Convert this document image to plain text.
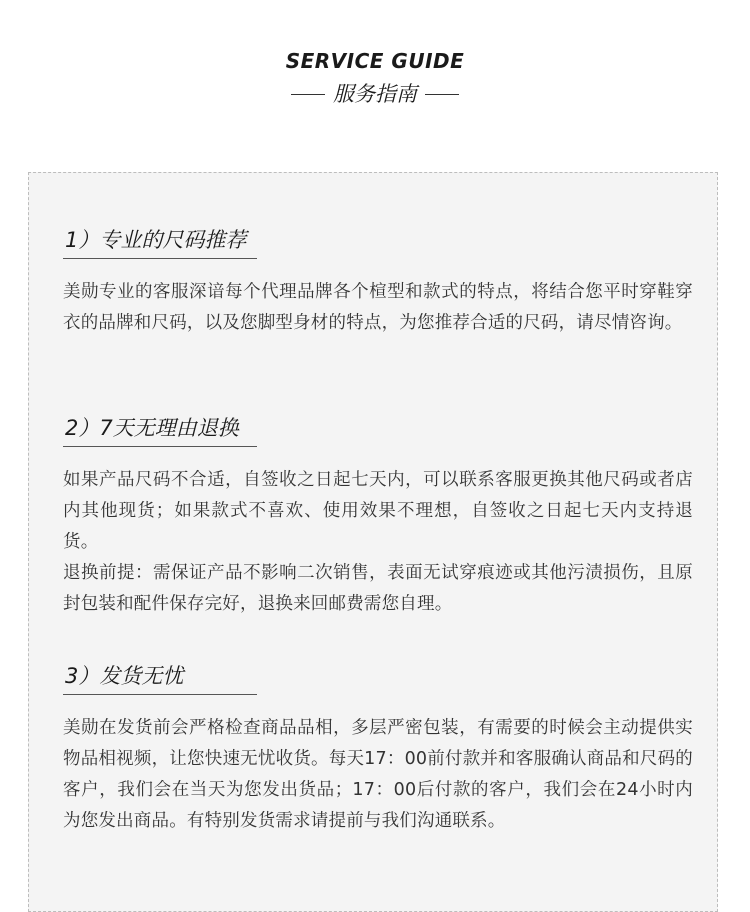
SERVICE GUIDE
服务指南
1）专业的尺码推荐

美勋专业的客服深谙每个代理品牌各个楦型和款式的特点，将结合您平时穿鞋穿衣的品牌和尺码，以及您脚型身材的特点，为您推荐合适的尺码，请尽情咨询。

2）7天无理由退换

如果产品尺码不合适，自签收之日起七天内，可以联系客服更换其他尺码或者店内其他现货；如果款式不喜欢、使用效果不理想，自签收之日起七天内支持退货。

退换前提：需保证产品不影响二次销售，表面无试穿痕迹或其他污渍损伤，且原封包装和配件保存完好，退换来回邮费需您自理。

3）发货无忧

美勋在发货前会严格检查商品品相，多层严密包装，有需要的时候会主动提供实物品相视频，让您快速无忧收货。每天17：00前付款并和客服确认商品和尺码的客户，我们会在当天为您发出货品；17：00后付款的客户，我们会在24小时内为您发出商品。有特别发货需求请提前与我们沟通联系。
